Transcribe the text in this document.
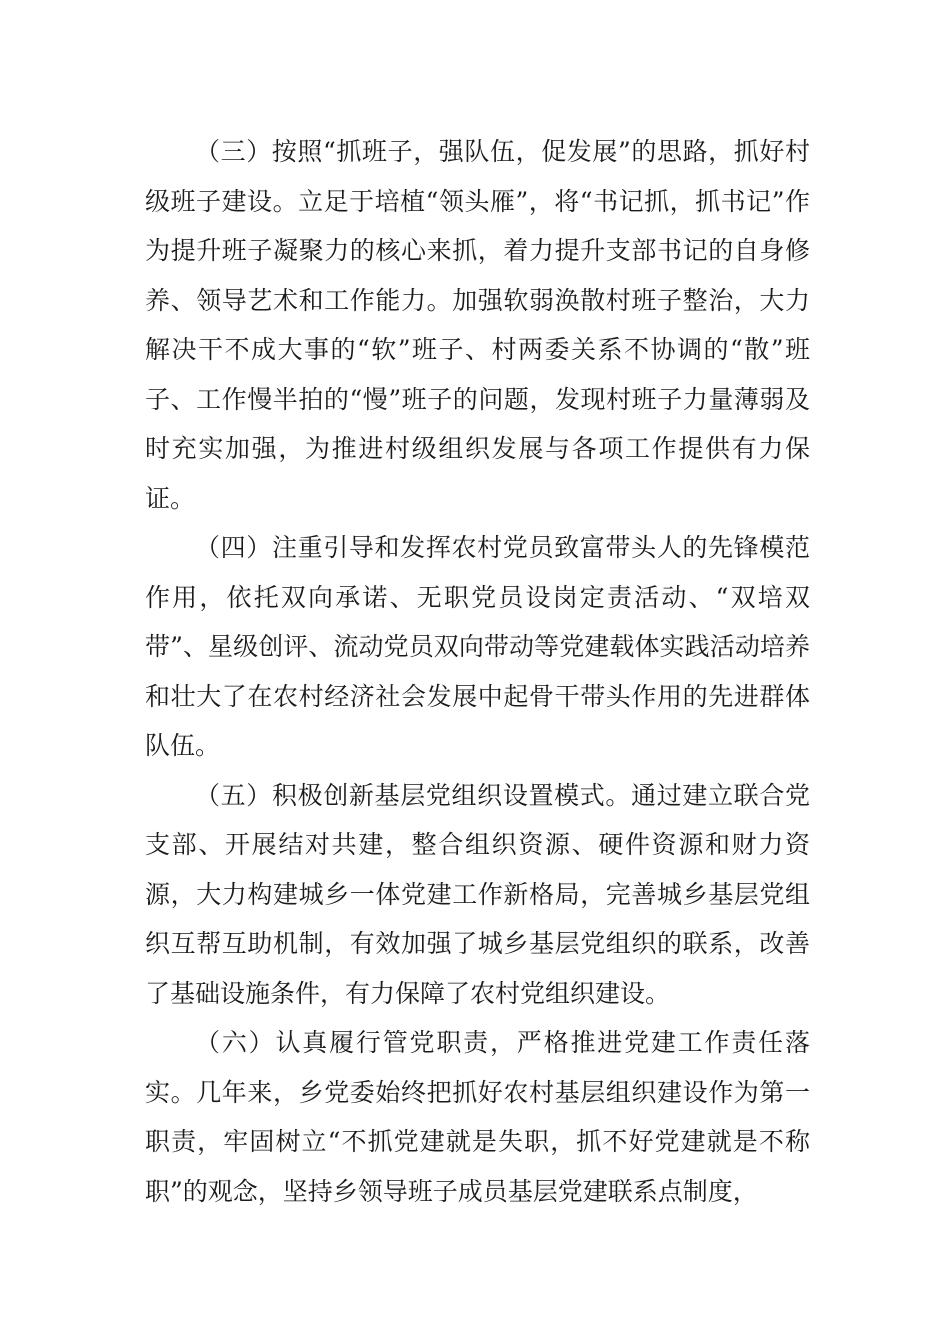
（三）按照“抓班子，强队伍，促发展”的思路，抓好村级班子建设。立足于培植“领头雁”，将“书记抓，抓书记”作为提升班子凝聚力的核心来抓，着力提升支部书记的自身修养、领导艺术和工作能力。加强软弱涣散村班子整治，大力解决干不成大事的“软”班子、村两委关系不协调的“散”班子、工作慢半拍的“慢”班子的问题，发现村班子力量薄弱及时充实加强，为推进村级组织发展与各项工作提供有力保证。

（四）注重引导和发挥农村党员致富带头人的先锋模范作用，依托双向承诺、无职党员设岗定责活动、“双培双带”、星级创评、流动党员双向带动等党建载体实践活动培养和壮大了在农村经济社会发展中起骨干带头作用的先进群体队伍。

（五）积极创新基层党组织设置模式。通过建立联合党支部、开展结对共建，整合组织资源、硬件资源和财力资源，大力构建城乡一体党建工作新格局，完善城乡基层党组织互帮互助机制，有效加强了城乡基层党组织的联系，改善了基础设施条件，有力保障了农村党组织建设。

（六）认真履行管党职责，严格推进党建工作责任落实。几年来，乡党委始终把抓好农村基层组织建设作为第一职责，牢固树立“不抓党建就是失职，抓不好党建就是不称职”的观念，坚持乡领导班子成员基层党建联系点制度，
